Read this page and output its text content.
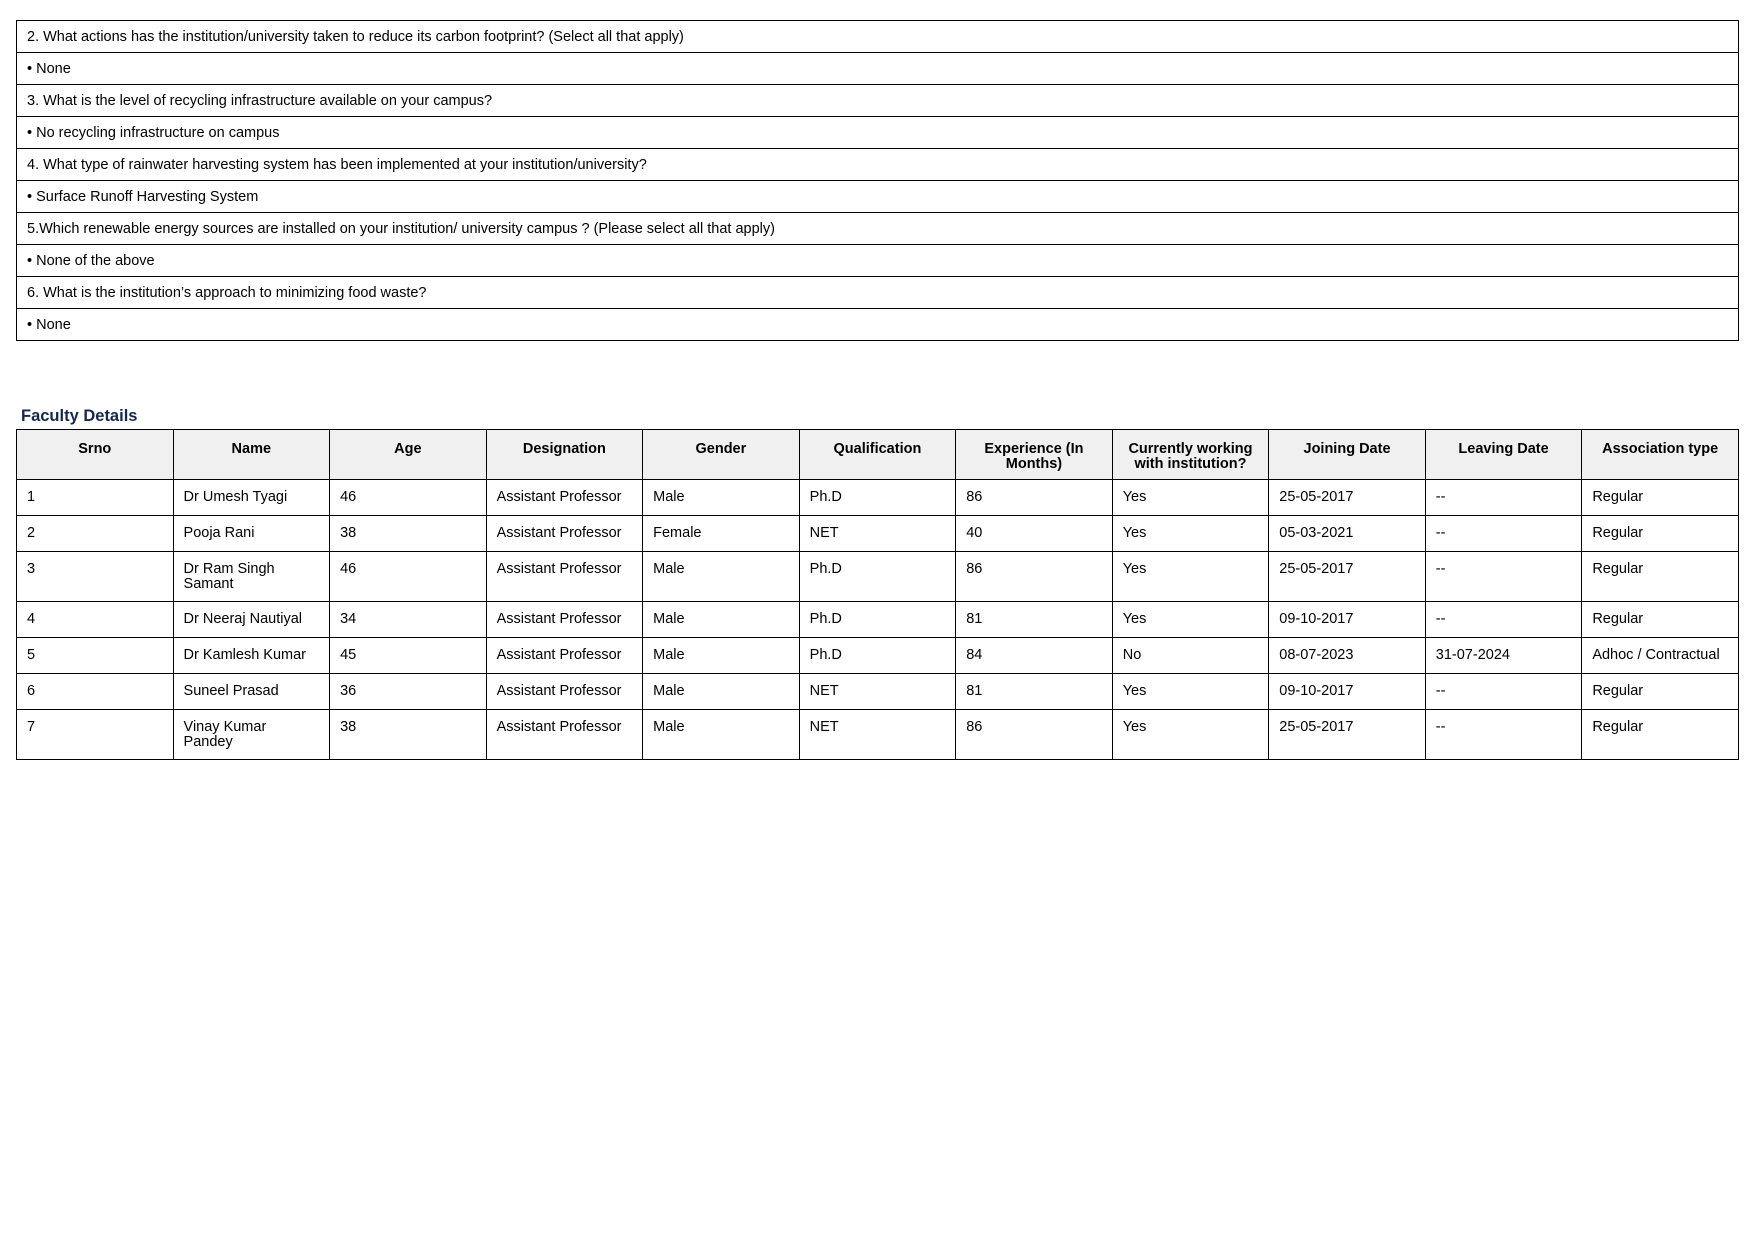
2. What actions has the institution/university taken to reduce its carbon footprint? (Select all that apply)
• None
3. What is the level of recycling infrastructure available on your campus?
• No recycling infrastructure on campus
4. What type of rainwater harvesting system has been implemented at your institution/university?
• Surface Runoff Harvesting System
5.Which renewable energy sources are installed on your institution/ university campus ? (Please select all that apply)
• None of the above
6. What is the institution’s approach to minimizing food waste?
• None
Faculty Details
Srno	Name	Age	Designation	Gender	Qualification	Experience (In Months)	Currently working with institution?	Joining Date	Leaving Date	Association type
1	Dr Umesh Tyagi	46	Assistant Professor	Male	Ph.D	86	Yes	25-05-2017	--	Regular
2	Pooja Rani	38	Assistant Professor	Female	NET	40	Yes	05-03-2021	--	Regular
3	Dr Ram Singh Samant	46	Assistant Professor	Male	Ph.D	86	Yes	25-05-2017	--	Regular
4	Dr Neeraj Nautiyal	34	Assistant Professor	Male	Ph.D	81	Yes	09-10-2017	--	Regular
5	Dr Kamlesh Kumar	45	Assistant Professor	Male	Ph.D	84	No	08-07-2023	31-07-2024	Adhoc / Contractual
6	Suneel Prasad	36	Assistant Professor	Male	NET	81	Yes	09-10-2017	--	Regular
7	Vinay Kumar Pandey	38	Assistant Professor	Male	NET	86	Yes	25-05-2017	--	Regular
